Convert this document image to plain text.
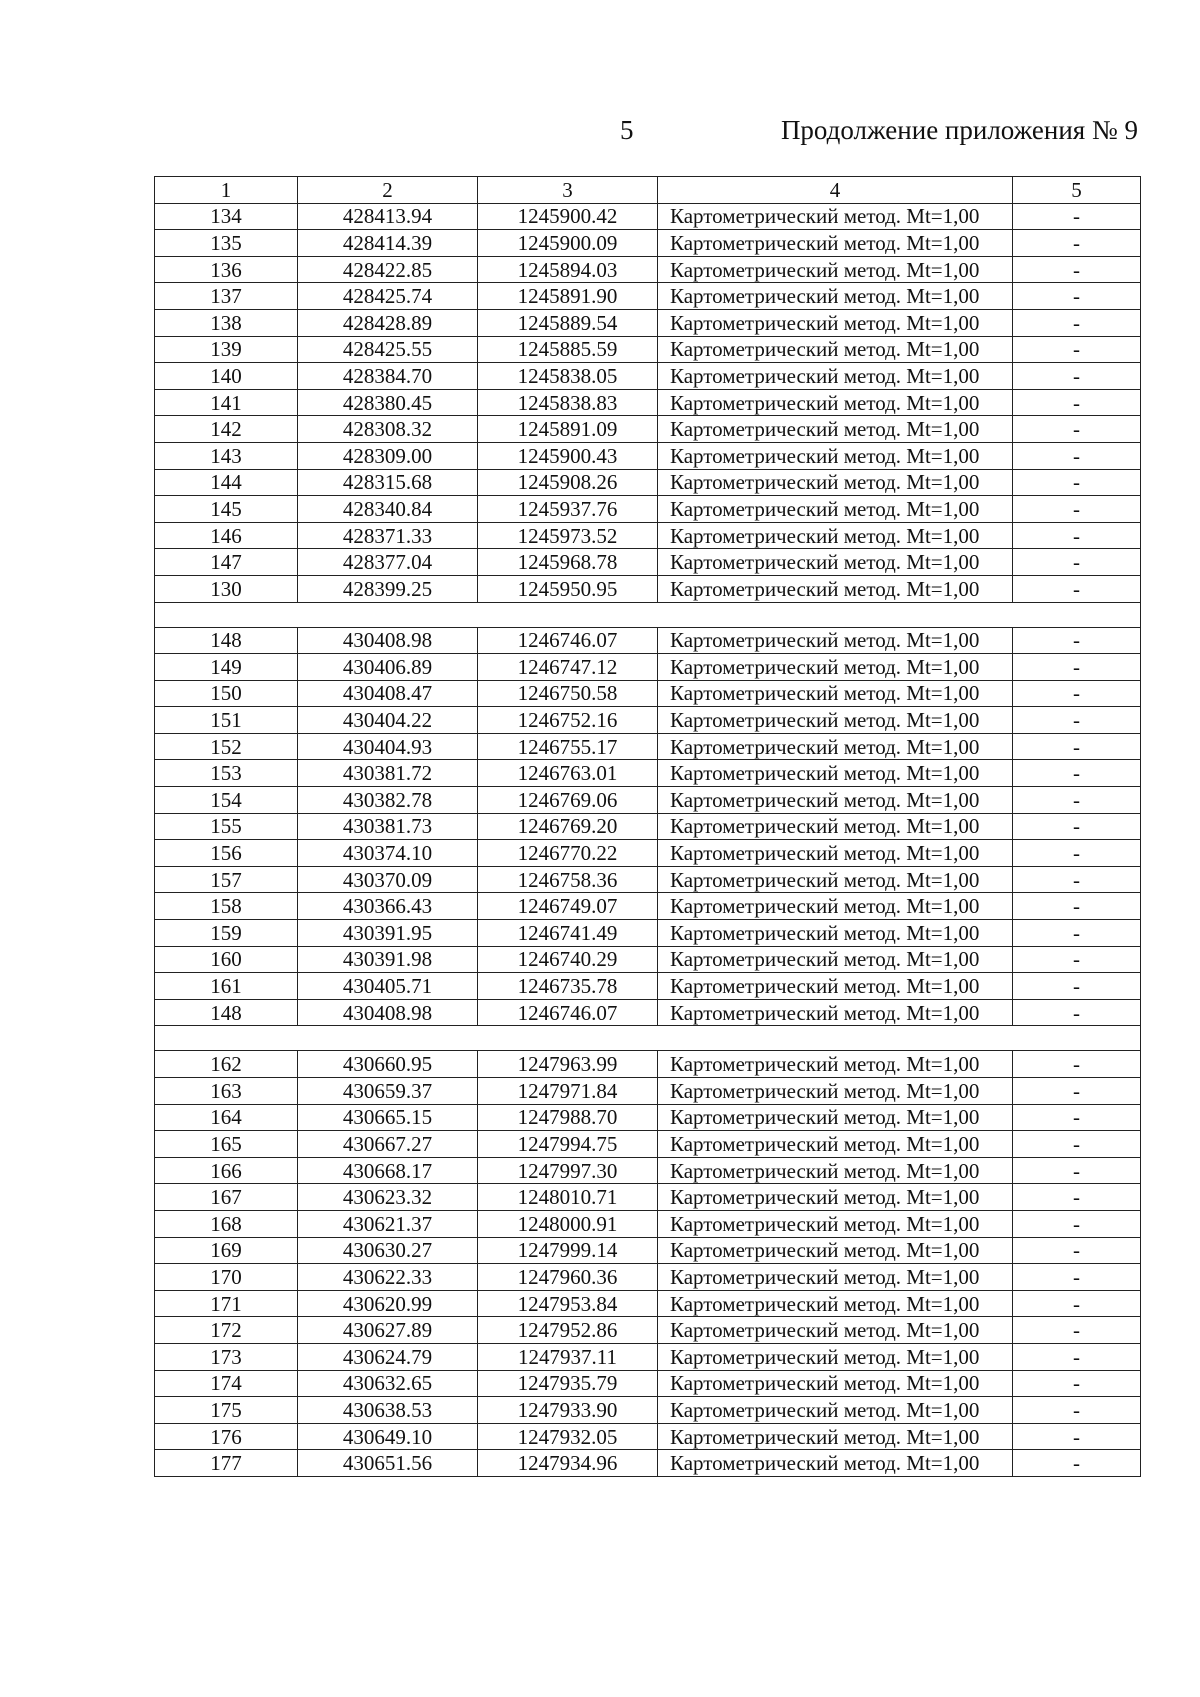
5	Продолжение приложения № 9
1	2	3	4	5
134	428413.94	1245900.42	Картометрический метод. Mt=1,00	-
135	428414.39	1245900.09	Картометрический метод. Mt=1,00	-
136	428422.85	1245894.03	Картометрический метод. Mt=1,00	-
137	428425.74	1245891.90	Картометрический метод. Mt=1,00	-
138	428428.89	1245889.54	Картометрический метод. Mt=1,00	-
139	428425.55	1245885.59	Картометрический метод. Mt=1,00	-
140	428384.70	1245838.05	Картометрический метод. Mt=1,00	-
141	428380.45	1245838.83	Картометрический метод. Mt=1,00	-
142	428308.32	1245891.09	Картометрический метод. Mt=1,00	-
143	428309.00	1245900.43	Картометрический метод. Mt=1,00	-
144	428315.68	1245908.26	Картометрический метод. Mt=1,00	-
145	428340.84	1245937.76	Картометрический метод. Mt=1,00	-
146	428371.33	1245973.52	Картометрический метод. Mt=1,00	-
147	428377.04	1245968.78	Картометрический метод. Mt=1,00	-
130	428399.25	1245950.95	Картометрический метод. Mt=1,00	-

148	430408.98	1246746.07	Картометрический метод. Mt=1,00	-
149	430406.89	1246747.12	Картометрический метод. Mt=1,00	-
150	430408.47	1246750.58	Картометрический метод. Mt=1,00	-
151	430404.22	1246752.16	Картометрический метод. Mt=1,00	-
152	430404.93	1246755.17	Картометрический метод. Mt=1,00	-
153	430381.72	1246763.01	Картометрический метод. Mt=1,00	-
154	430382.78	1246769.06	Картометрический метод. Mt=1,00	-
155	430381.73	1246769.20	Картометрический метод. Mt=1,00	-
156	430374.10	1246770.22	Картометрический метод. Mt=1,00	-
157	430370.09	1246758.36	Картометрический метод. Mt=1,00	-
158	430366.43	1246749.07	Картометрический метод. Mt=1,00	-
159	430391.95	1246741.49	Картометрический метод. Mt=1,00	-
160	430391.98	1246740.29	Картометрический метод. Mt=1,00	-
161	430405.71	1246735.78	Картометрический метод. Mt=1,00	-
148	430408.98	1246746.07	Картометрический метод. Mt=1,00	-

162	430660.95	1247963.99	Картометрический метод. Mt=1,00	-
163	430659.37	1247971.84	Картометрический метод. Mt=1,00	-
164	430665.15	1247988.70	Картометрический метод. Mt=1,00	-
165	430667.27	1247994.75	Картометрический метод. Mt=1,00	-
166	430668.17	1247997.30	Картометрический метод. Mt=1,00	-
167	430623.32	1248010.71	Картометрический метод. Mt=1,00	-
168	430621.37	1248000.91	Картометрический метод. Mt=1,00	-
169	430630.27	1247999.14	Картометрический метод. Mt=1,00	-
170	430622.33	1247960.36	Картометрический метод. Mt=1,00	-
171	430620.99	1247953.84	Картометрический метод. Mt=1,00	-
172	430627.89	1247952.86	Картометрический метод. Mt=1,00	-
173	430624.79	1247937.11	Картометрический метод. Mt=1,00	-
174	430632.65	1247935.79	Картометрический метод. Mt=1,00	-
175	430638.53	1247933.90	Картометрический метод. Mt=1,00	-
176	430649.10	1247932.05	Картометрический метод. Mt=1,00	-
177	430651.56	1247934.96	Картометрический метод. Mt=1,00	-
